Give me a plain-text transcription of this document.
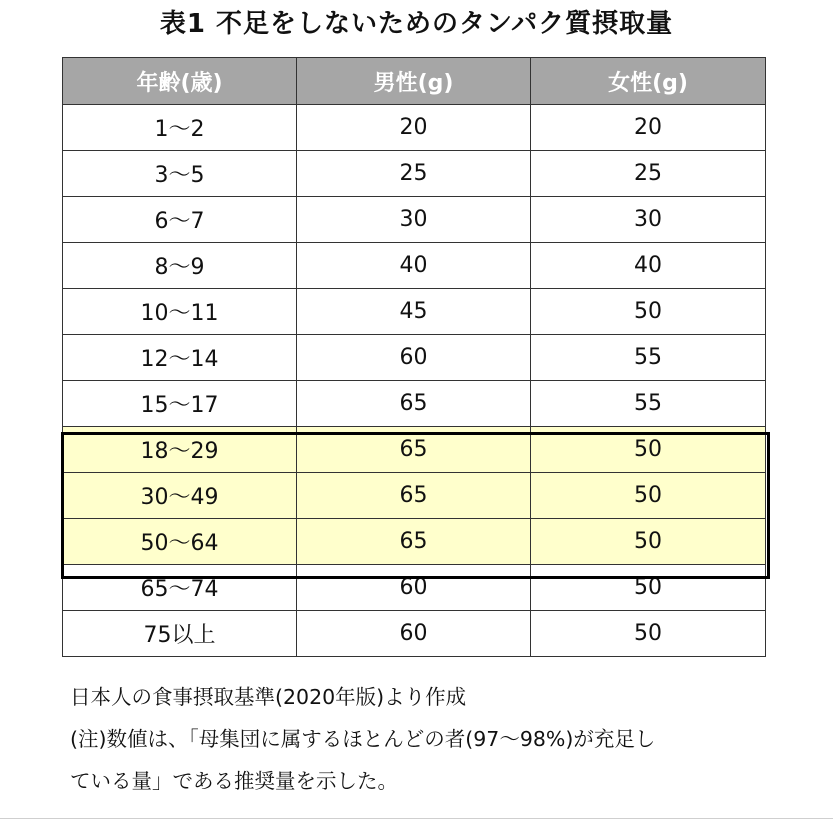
表1 不足をしないためのタンパク質摂取量
年齢(歳)	男性(g)	女性(g)
1〜2	20	20
3〜5	25	25
6〜7	30	30
8〜9	40	40
10〜11	45	50
12〜14	60	55
15〜17	65	55
18〜29	65	50
30〜49	65	50
50〜64	65	50
65〜74	60	50
75以上	60	50

日本人の食事摂取基準(2020年版)より作成

(注)数値は、「母集団に属するほとんどの者(97〜98%)が充足し

ている量」である推奨量を示した。
